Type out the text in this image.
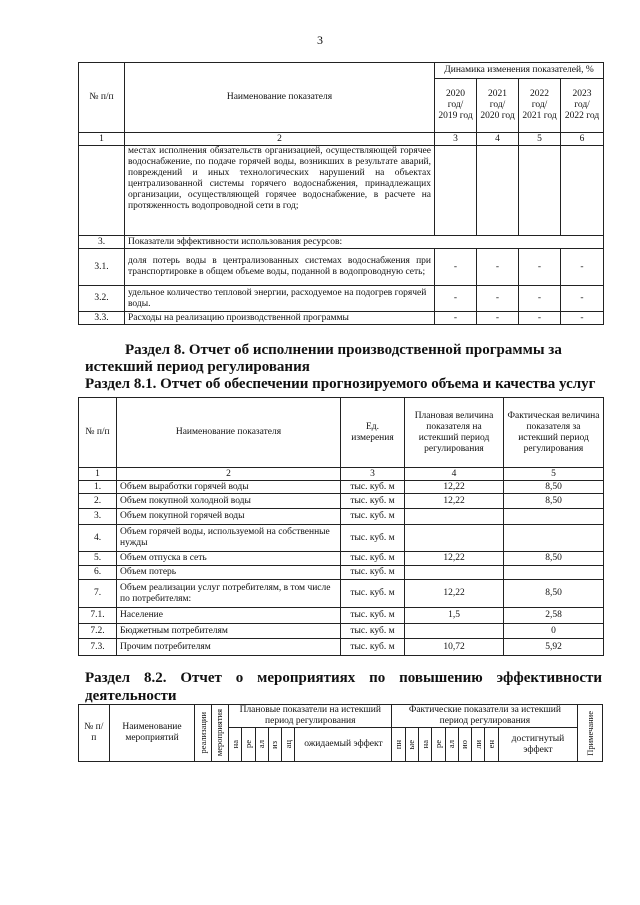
3
№ п/п	Наименование показателя	Динамика изменения показателей, %			
		2020 год/ 2019 год	2021 год/ 2020 год	2022 год/ 2021 год	2023 год/ 2022 год
1	2	3	4	5	6
	местах исполнения обязательств организацией, осуществляющей горячее водоснабжение, по подаче горячей воды, возникших в результате аварий, повреждений и иных технологических нарушений на объектах централизованной системы горячего водоснабжения, принадлежащих организации, осуществляющей горячее водоснабжение, в расчете на протяженность водопроводной сети в год;				
3.	Показатели эффективности использования ресурсов:				
3.1.	доля потерь воды в централизованных системах водоснабжения при транспортировке в общем объеме воды, поданной в водопроводную сеть;	-	-	-	-
3.2.	удельное количество тепловой энергии, расходуемое на подогрев горячей воды.	-	-	-	-
3.3.	Расходы на реализацию производственной программы	-	-	-	-
Раздел 8. Отчет об исполнении производственной программы за истекший период регулирования
Раздел 8.1. Отчет об обеспечении прогнозируемого объема и качества услуг
№ п/п	Наименование показателя	Ед. измерения	Плановая величина показателя на истекший период регулирования	Фактическая величина показателя за истекший период регулирования
1	2	3	4	5
1.	Объем выработки горячей воды	тыс. куб. м	12,22	8,50
2.	Объем покупной холодной воды	тыс. куб. м	12,22	8,50
3.	Объем покупной горячей воды	тыс. куб. м		
4.	Объем горячей воды, используемой на собственные нужды	тыс. куб. м		
5.	Объем отпуска в сеть	тыс. куб. м	12,22	8,50
6.	Объем потерь	тыс. куб. м		
7.	Объем реализации услуг потребителям, в том числе по потребителям:	тыс. куб. м	12,22	8,50
7.1.	Население	тыс. куб. м	1,5	2,58
7.2.	Бюджетным потребителям	тыс. куб. м		0
7.3.	Прочим потребителям	тыс. куб. м	10,72	5,92
Раздел 8.2. Отчет о мероприятиях по повышению эффективности деятельности
№ п/п	Наименование мероприятий	реализации	мероприятия	Плановые показатели на истекший период регулирования						Фактические показатели за истекший период регулирования									Примечание

				на	ре	ал	из	ац	ожидаемый эффект	пн	ые	на	ре	ал	ио	ли	ен	достигнутый эффект	
